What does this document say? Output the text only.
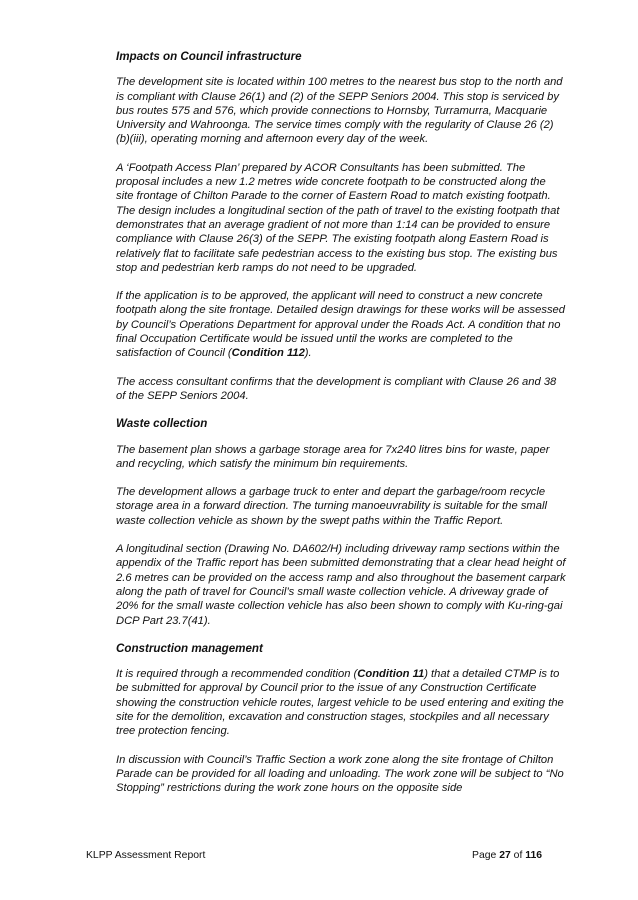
Impacts on Council infrastructure

The development site is located within 100 metres to the nearest bus stop to the north and is compliant with Clause 26(1) and (2) of the SEPP Seniors 2004. This stop is serviced by bus routes 575 and 576, which provide connections to Hornsby, Turramurra, Macquarie University and Wahroonga. The service times comply with the regularity of Clause 26 (2)(b)(iii), operating morning and afternoon every day of the week.

A ‘Footpath Access Plan’ prepared by ACOR Consultants has been submitted. The proposal includes a new 1.2 metres wide concrete footpath to be constructed along the site frontage of Chilton Parade to the corner of Eastern Road to match existing footpath. The design includes a longitudinal section of the path of travel to the existing footpath that demonstrates that an average gradient of not more than 1:14 can be provided to ensure compliance with Clause 26(3) of the SEPP. The existing footpath along Eastern Road is relatively flat to facilitate safe pedestrian access to the existing bus stop. The existing bus stop and pedestrian kerb ramps do not need to be upgraded.

If the application is to be approved, the applicant will need to construct a new concrete footpath along the site frontage. Detailed design drawings for these works will be assessed by Council’s Operations Department for approval under the Roads Act. A condition that no final Occupation Certificate would be issued until the works are completed to the satisfaction of Council (Condition 112).

The access consultant confirms that the development is compliant with Clause 26 and 38 of the SEPP Seniors 2004.

Waste collection

The basement plan shows a garbage storage area for 7x240 litres bins for waste, paper and recycling, which satisfy the minimum bin requirements.

The development allows a garbage truck to enter and depart the garbage/room recycle storage area in a forward direction. The turning manoeuvrability is suitable for the small waste collection vehicle as shown by the swept paths within the Traffic Report.

A longitudinal section (Drawing No. DA602/H) including driveway ramp sections within the appendix of the Traffic report has been submitted demonstrating that a clear head height of 2.6 metres can be provided on the access ramp and also throughout the basement carpark along the path of travel for Council’s small waste collection vehicle. A driveway grade of 20% for the small waste collection vehicle has also been shown to comply with Ku-ring-gai DCP Part 23.7(41).

Construction management

It is required through a recommended condition (Condition 11) that a detailed CTMP is to be submitted for approval by Council prior to the issue of any Construction Certificate showing the construction vehicle routes, largest vehicle to be used entering and exiting the site for the demolition, excavation and construction stages, stockpiles and all necessary tree protection fencing.

In discussion with Council’s Traffic Section a work zone along the site frontage of Chilton Parade can be provided for all loading and unloading. The work zone will be subject to “No Stopping” restrictions during the work zone hours on the opposite side

KLPP Assessment Report	Page 27 of 116
